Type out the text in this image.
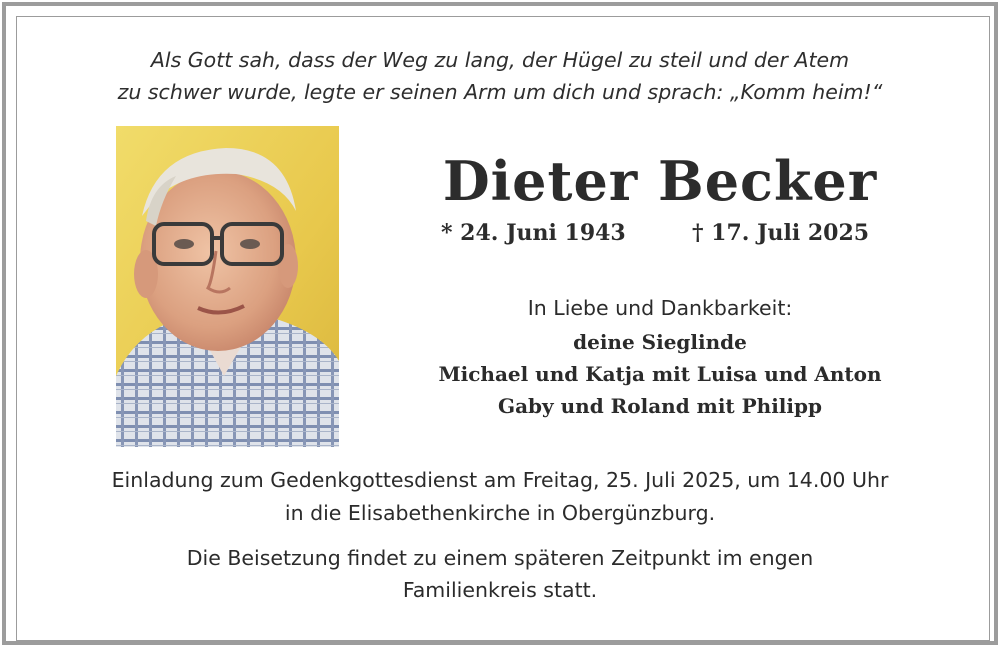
Als Gott sah, dass der Weg zu lang, der Hügel zu steil und der Atem
zu schwer wurde, legte er seinen Arm um dich und sprach: „Komm heim!“
Dieter Becker
* 24. Juni 1943	† 17. Juli 2025
In Liebe und Dankbarkeit:
deine Sieglinde
Michael und Katja mit Luisa und Anton
Gaby und Roland mit Philipp
Einladung zum Gedenkgottesdienst am Freitag, 25. Juli 2025, um 14.00 Uhr
in die Elisabethenkirche in Obergünzburg.
Die Beisetzung findet zu einem späteren Zeitpunkt im engen
Familienkreis statt.
